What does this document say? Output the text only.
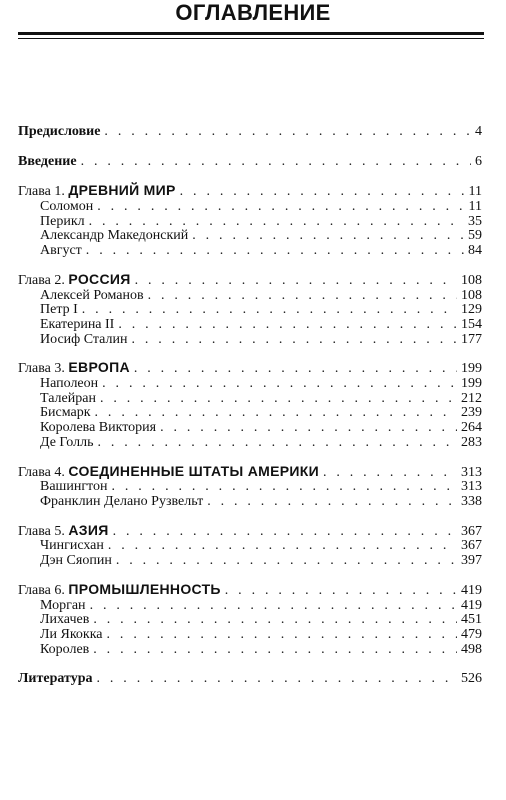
ОГЛАВЛЕНИЕ
Предисловие . . .	4
Введение . . .	6
Глава 1. ДРЕВНИЙ МИР . . .	11
Соломон . . .	11
Перикл . . .	35
Александр Македонский . . .	59
Август . . .	84
Глава 2. РОССИЯ . . .	108
Алексей Романов . . .	108
Петр I . . .	129
Екатерина II . . .	154
Иосиф Сталин . . .	177
Глава 3. ЕВРОПА . . .	199
Наполеон . . .	199
Талейран . . .	212
Бисмарк . . .	239
Королева Виктория . . .	264
Де Голль . . .	283
Глава 4. СОЕДИНЕННЫЕ ШТАТЫ АМЕРИКИ . . .	313
Вашингтон . . .	313
Франклин Делано Рузвельт . . .	338
Глава 5. АЗИЯ . . .	367
Чингисхан . . .	367
Дэн Сяопин . . .	397
Глава 6. ПРОМЫШЛЕННОСТЬ . . .	419
Морган . . .	419
Лихачев . . .	451
Ли Якокка . . .	479
Королев . . .	498
Литература . . .	526
